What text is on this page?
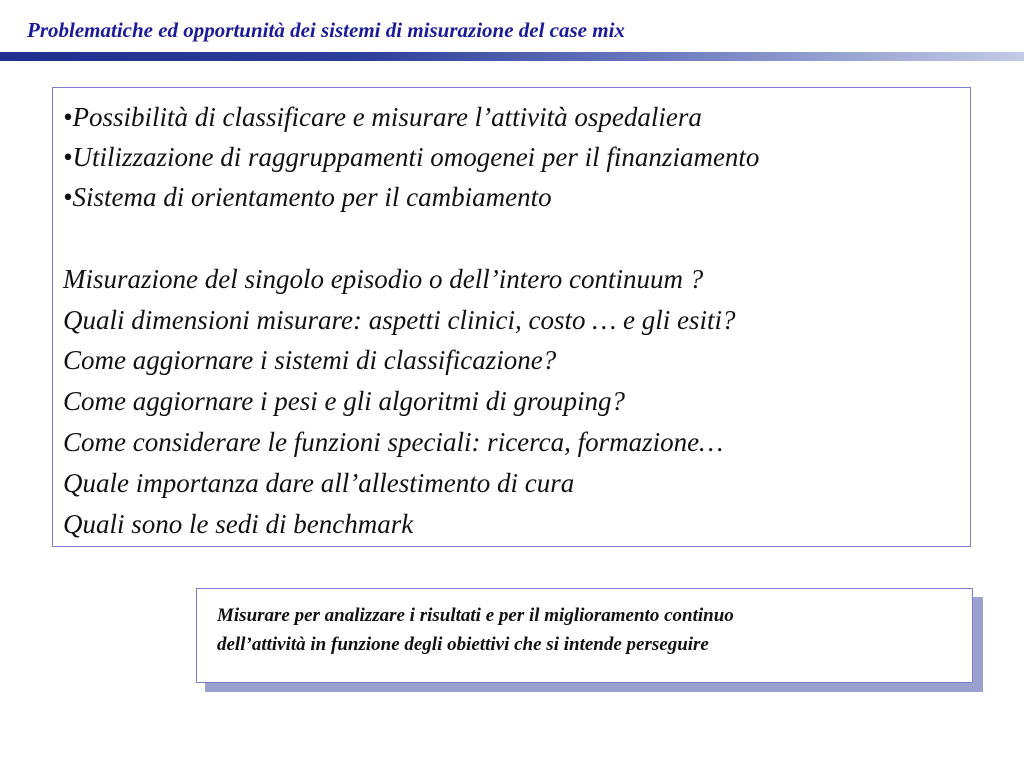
Problematiche ed opportunità dei sistemi di misurazione del case mix
•Possibilità di classificare e misurare l’attività ospedaliera
•Utilizzazione di raggruppamenti omogenei per il finanziamento
•Sistema di orientamento per il cambiamento
Misurazione del singolo episodio o dell’intero continuum ?
Quali dimensioni misurare: aspetti clinici, costo … e gli esiti?
Come aggiornare i sistemi di classificazione?
Come aggiornare i pesi e gli algoritmi di grouping?
Come considerare le funzioni speciali: ricerca, formazione…
Quale importanza dare all’allestimento di cura
Quali sono le sedi di benchmark
Misurare per analizzare i risultati e per il miglioramento continuo
dell’attività in funzione degli obiettivi che si intende perseguire
